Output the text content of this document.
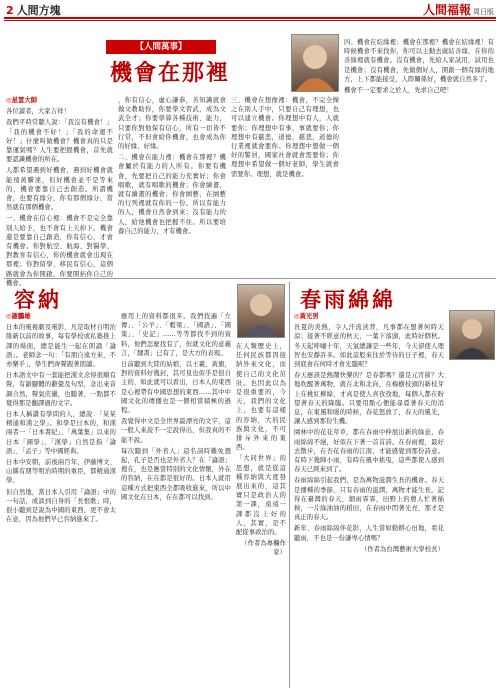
2 人間方塊	人間福報 周日版
【人間萬事】
機會在那裡

◎星雲大師

各位讀者，大家吉祥！

我們平時常聽人說：「我沒有機會！」「我的機會不好！」「我的命運不好！」什麼叫做機會？機會真的只是靠運氣嗎？人生要把握機會，首先就要認識機會的所在。

人都希望遇到好機會，遇到好機會就能飛黃騰達，但好機會並不是等來的，機會要靠自己去創造。所謂機會，也要有緣分，你有那個緣分，當然就有那個機會。

一、機會在信心裡：機會不是完全靠別人給予，也不會有上天掉下。機會還是要靠自己創造，你有信心，才會有機會。你對航空、航海、對醫學、對教育有信心，你的機會就會出現在那裡；你對留學、移民有信心，這個路就會為你開啟，你要開拓你自己的機會。

，你有信心，虛心謙恭，善知識就會做文教助你，你要學文習武，成為文武全才；你要學算各種技術、能力，只要你對他保有信心，所有一切皆不行常，不但會給你機會，也會成為你的好緣、好緣。

二、機會在能力裡：機會在那裡？機會屬於有能力的人所有。你要有機會，先要把自己的能力充實好；你會唱歌，就有唱歌的機會；你會繪畫，就有繪畫的機會；你會園藝，在園藝的行列裡就有你的一份。所以有能力的人，機會自然會到來；沒有能力的人，給他機會也把握不住。所以要培養自己的能力，才有機會。

三、機會在想像裡：機會，不完全操之在別人手中，只要自己有理想，也可以建立機會。你理想中有人，人就要你；你理想中有事，事就要你；你理想中有慈悲，道德，慈悲，道德的行業裡就會要你。你理想中想做一個好的警員，國家社會就會需要你；你理想中希望做一個好老師，學生就會需要你。理想，就是機會。

四、機會在結緣裡：機會在那裡？機會在結緣裡！有時候機會不來找你，你可以主動去廣結善緣，在你的善緣裡就有機會。沒有機會，先給人家試用，試用也是機會；沒有機會，先做個好人，開創一個有緣的地方，上下都能接受，人際關係好，機會就自然多了。

機會不一定要求之於人，先求自己吧！

容納

◎謝鵬雄

日本的電視劇及電影，凡是取材自明治維新以前的故事，每有學校或私塾推上課的場面，總是能生一起在朗誦「論語」。老師念一句：「有朋自遠方來，不亦樂乎」，學生們齊聲跟著朗讀。

日本語文中有一套能把漢文念得很順有聲，有韻腳體的辭彙及句型，念出來音調合然，聲氣莊嚴，也聽著，一點都不覺得那是翻譯過的文字。

日本人稱讚有學問的人，總說：「某某精通和漢之學」。和學是日本的，和漢兩者一「日本書紀」、「萬葉集」以來的日本「國學」，「漢學」自然是指「論語」、「孟子」等中國經典。

日本中安朝，前後兩百年，伊藤博文、山縣有朋等明治時期的重臣，都精通漢學。

但自然地，當日本人引用「論語」中的一句話，或談到自身的「長恨歌」時，很小聽到是說為中國的東西，更不會太在意，因為他們早已容納進來了。

應用上的資料都很多。我們找遍「左傳」、「公羊」、「穀梁」、「國語」、「國策」、「史記」……等等都找不到的資料，他們怎麼找有了，但就文化的意義言，「隸書」已有了，是大方的表現。

日前聽到大陸的姑娘，以王羲、黃旗，對的資料好幾封，其可見也似乎是很自主的，如此就可以看出，日本人的東西是心裡帶有中國思想的東西……其中中國文化的傳播也是一個相當積極的過程。

我覺得中文是全世界最漂亮的文字，這一般人來說不一定說得出，但我真的不能不說。

每次聽到「外省人」這名詞時難免想起，孔子是否也是外省人？在「論語」裡在，也是應當特別的文化情懷，外在的容納，在在都是很好的。日本人就用這種方式把東西全都吸收進來，所以中國文化在日本，在在都可以找到。

在人類歷史上，任何民族都因接納外來文化，而使自己的文化茁壯。也因此以為是很重要的，今天，我們的文化上，也要有這樣的容納，大的民族與文化，不可排斥外來的東西。

「大同世界」的思想，就是從這種容納與大度發展出來的，這其實只是政治人的第一課，遠遠一課都沒上好的人，其實，是不配從事政治的。

（作者為專欄作家）

春雨綿綿

◎黃光男

長夏的炎熱，令人汗流浹背，凡事都在想著何時天涼；接著不經意的秋天，一葉下落頭，此時好個秋。冬天起呼嘯十年，天氣總讓是一些年，今天卻使人理智也安靜許多。如此這般來往於等待的日子裡，春天到底會在何時才會光臨呢？

春天應該是熱鬧快樂的？是春都嗎？還是元宵節？大地吹醒著萬物，就在北和北向，在梅樹枝頭的新枝芽上在桃紅柳綠，才真是使人喜孜孜地，每個人都在盼望著春天的降臨。只要用點心便能尋覓著春天的消息，在東風和暖的時候，春花怒放了，春天的風光，讓人感到那份生機。

園林中的花花草草，都在春雨中伸展出新的綠意，春雨綿綿不絕，好似在下著一首首詩。在春雨裡，最好去散步，在杏花春雨的江南，才能感覺到那份詩意。有時下幾陣小雨，有時在風中搖曳，這些都使人感到春天已經來到了。

春雨綿綿引起我們，是為萬物滋潤生長的機會。春天是播種的季節，只有春雨的滋潤，萬物才能生長。記得在臺灣的春天，細雨霏霏，田野上的農人忙著插秧，一片綠油油的稻田，在春雨中閃著光亮，那才是真正的春天。

新年、春雨綿綿伴花影，人生當如勤耕心田地，看花聽雨，不也是一份謙卑心情嗎？

（作者為台灣藝術大學校長）
